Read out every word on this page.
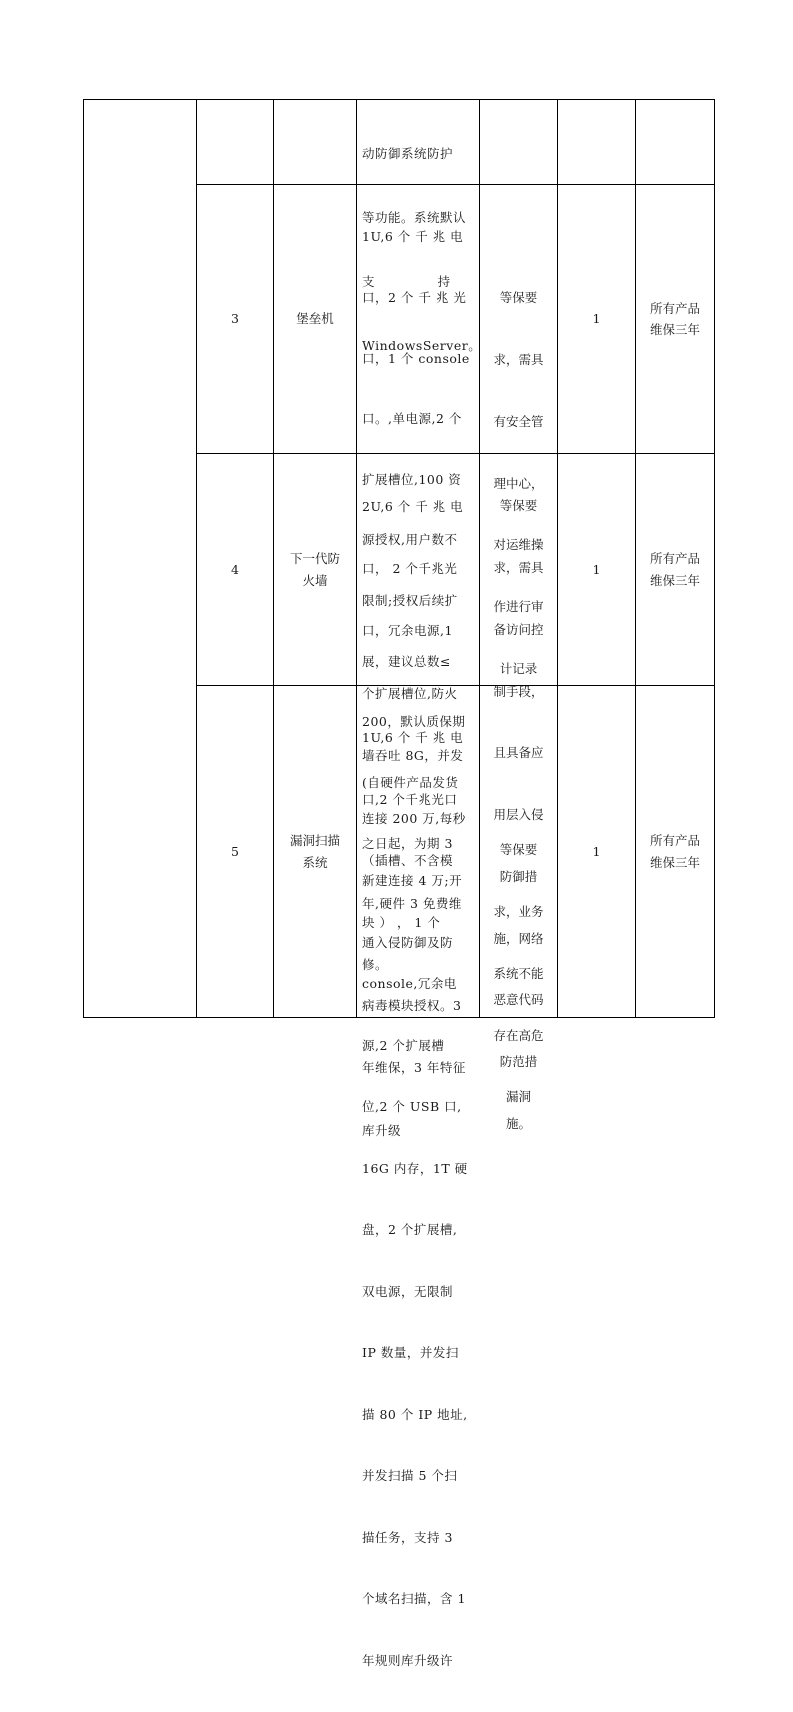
动防御系统防护

等功能。系统默认

支              持

WindowsServer。

3	堡垒机

1U,6 个 千 兆 电

口，2 个 千 兆 光

口，1 个 console

口。,单电源,2 个

扩展槽位,100 资

源授权,用户数不

限制;授权后续扩

展，建议总数≤

200，默认质保期

(自硬件产品发货

之日起，为期 3

年,硬件 3 免费维

修。

等保要

求，需具

有安全管

理中心，

对运维操

作进行审

计记录

1
所有产品
维保三年
4
下一代防
火墙

2U,6 个 千 兆 电

口， 2 个千兆光

口，冗余电源,1

个扩展槽位,防火

墙吞吐 8G，并发

连接 200 万,每秒

新建连接 4 万;开

通入侵防御及防

病毒模块授权。3

年维保，3 年特征

库升级

等保要

求，需具

备访问控

制手段，

且具备应

用层入侵

防御措

施，网络

恶意代码

防范措

施。

1
所有产品
维保三年
5
漏洞扫描
系统

1U,6 个 千 兆 电

口,2 个千兆光口

（插槽、不含模

块 ） ， 1 个

console,冗余电

源,2 个扩展槽

位,2 个 USB 口,

16G 内存，1T 硬

盘，2 个扩展槽,

双电源，无限制

IP 数量，并发扫

描 80 个 IP 地址,

并发扫描 5 个扫

描任务，支持 3

个域名扫描，含 1

年规则库升级许

等保要

求，业务

系统不能

存在高危

漏洞

1
所有产品
维保三年
